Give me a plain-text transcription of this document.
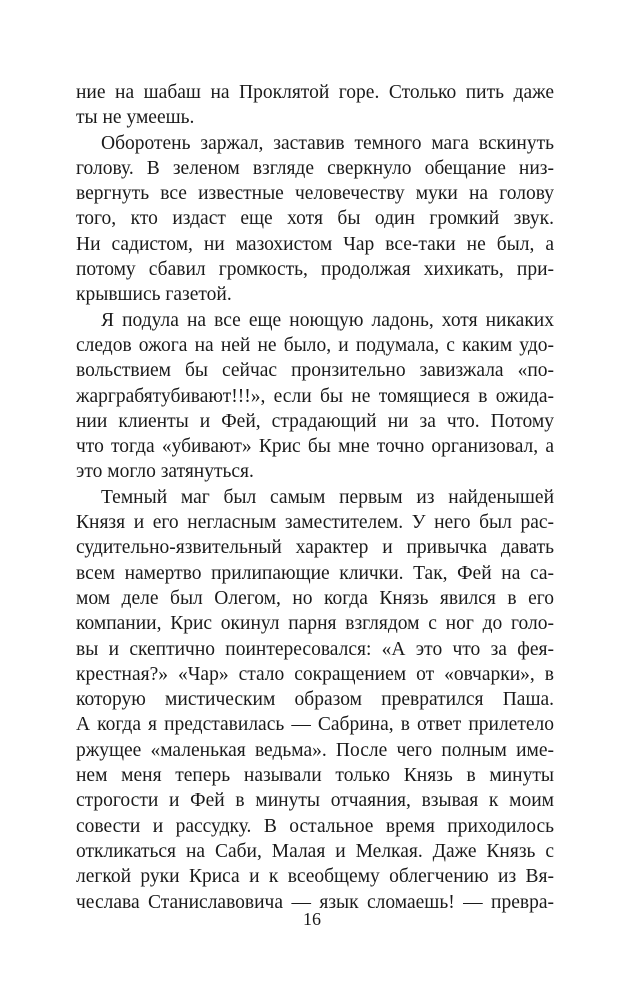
ние на шабаш на Проклятой горе. Столько пить даже
ты не умеешь.
Оборотень заржал, заставив темного мага вскинуть
голову. В зеленом взгляде сверкнуло обещание низ-
вергнуть все известные человечеству муки на голову
того, кто издаст еще хотя бы один громкий звук.
Ни садистом, ни мазохистом Чар все-таки не был, а
потому сбавил громкость, продолжая хихикать, при-
крывшись газетой.
Я подула на все еще ноющую ладонь, хотя никаких
следов ожога на ней не было, и подумала, с каким удо-
вольствием бы сейчас пронзительно завизжала «по-
жарграбятубивают!!!», если бы не томящиеся в ожида-
нии клиенты и Фей, страдающий ни за что. Потому
что тогда «убивают» Крис бы мне точно организовал, а
это могло затянуться.
Темный маг был самым первым из найденышей
Князя и его негласным заместителем. У него был рас-
судительно-язвительный характер и привычка давать
всем намертво прилипающие клички. Так, Фей на са-
мом деле был Олегом, но когда Князь явился в его
компании, Крис окинул парня взглядом с ног до голо-
вы и скептично поинтересовался: «А это что за фея-
крестная?» «Чар» стало сокращением от «овчарки», в
которую мистическим образом превратился Паша.
А когда я представилась — Сабрина, в ответ прилетело
ржущее «маленькая ведьма». После чего полным име-
нем меня теперь называли только Князь в минуты
строгости и Фей в минуты отчаяния, взывая к моим
совести и рассудку. В остальное время приходилось
откликаться на Саби, Малая и Мелкая. Даже Князь с
легкой руки Криса и к всеобщему облегчению из Вя-
чеслава Станиславовича — язык сломаешь! — превра-
16
